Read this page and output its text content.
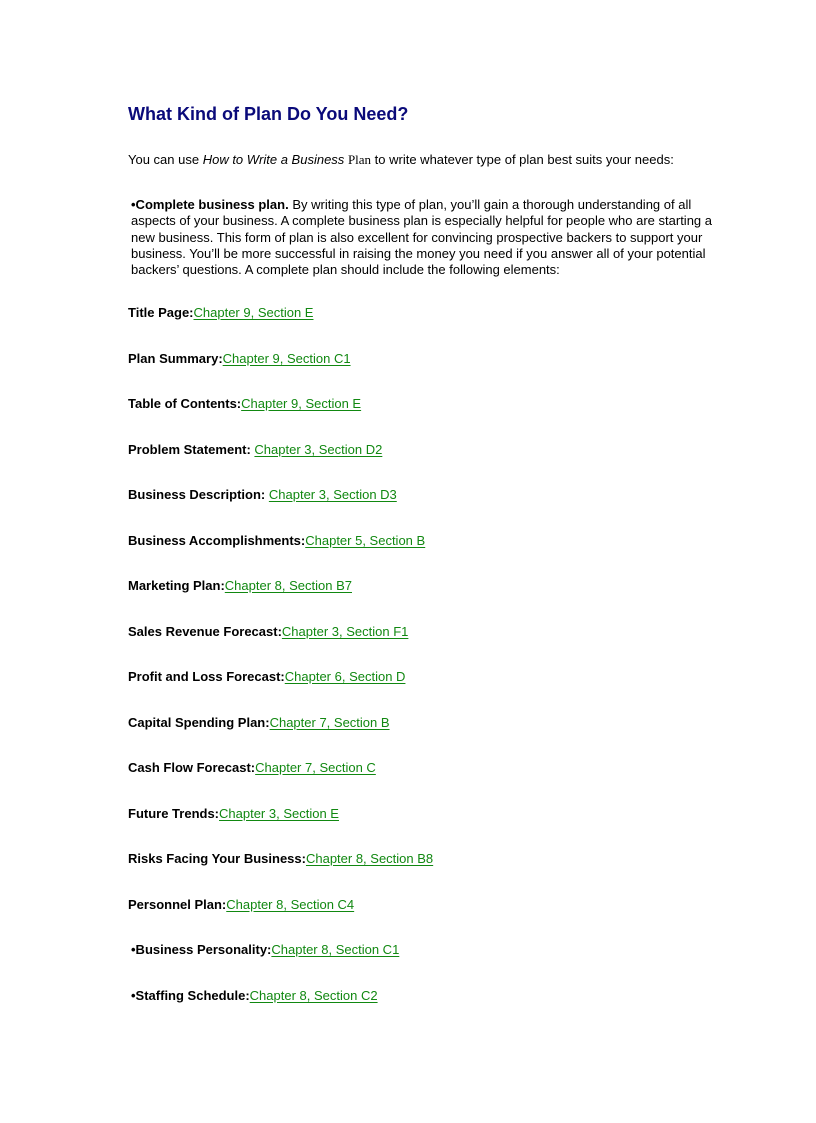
What Kind of Plan Do You Need?

You can use How to Write a Business Plan to write whatever type of plan best suits your needs:

•Complete business plan. By writing this type of plan, you’ll gain a thorough understanding of all aspects of your business. A complete business plan is especially helpful for people who are starting a new business. This form of plan is also excellent for convincing prospective backers to support your business. You’ll be more successful in raising the money you need if you answer all of your potential backers’ questions. A complete plan should include the following elements:

Title Page:Chapter 9, Section E

Plan Summary:Chapter 9, Section C1

Table of Contents:Chapter 9, Section E

Problem Statement: Chapter 3, Section D2

Business Description: Chapter 3, Section D3

Business Accomplishments:Chapter 5, Section B

Marketing Plan:Chapter 8, Section B7

Sales Revenue Forecast:Chapter 3, Section F1

Profit and Loss Forecast:Chapter 6, Section D

Capital Spending Plan:Chapter 7, Section B

Cash Flow Forecast:Chapter 7, Section C

Future Trends:Chapter 3, Section E

Risks Facing Your Business:Chapter 8, Section B8

Personnel Plan:Chapter 8, Section C4

•Business Personality:Chapter 8, Section C1

•Staffing Schedule:Chapter 8, Section C2
